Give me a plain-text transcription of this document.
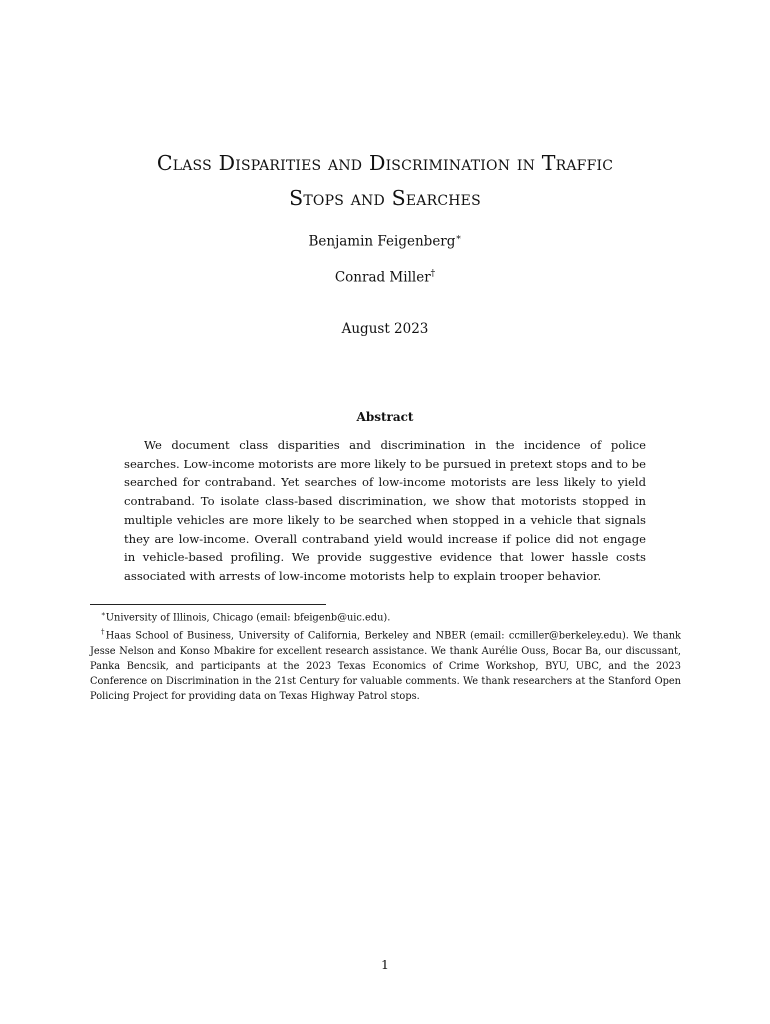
Class Disparities and Discrimination in Traffic
Stops and Searches
Benjamin Feigenberg∗
Conrad Miller†
August 2023
Abstract

We document class disparities and discrimination in the incidence of police searches. Low-income motorists are more likely to be pursued in pretext stops and to be searched for contraband. Yet searches of low-income motorists are less likely to yield contraband. To isolate class-based discrimination, we show that motorists stopped in multiple vehicles are more likely to be searched when stopped in a vehicle that signals they are low-income. Overall contraband yield would increase if police did not engage in vehicle-based profiling. We provide suggestive evidence that lower hassle costs associated with arrests of low-income motorists help to explain trooper behavior.

∗University of Illinois, Chicago (email: bfeigenb@uic.edu).

†Haas School of Business, University of California, Berkeley and NBER (email: ccmiller@berkeley.edu). We thank Jesse Nelson and Konso Mbakire for excellent research assistance. We thank Aurélie Ouss, Bocar Ba, our discussant, Panka Bencsik, and participants at the 2023 Texas Economics of Crime Workshop, BYU, UBC, and the 2023 Conference on Discrimination in the 21st Century for valuable comments. We thank researchers at the Stanford Open Policing Project for providing data on Texas Highway Patrol stops.

1
